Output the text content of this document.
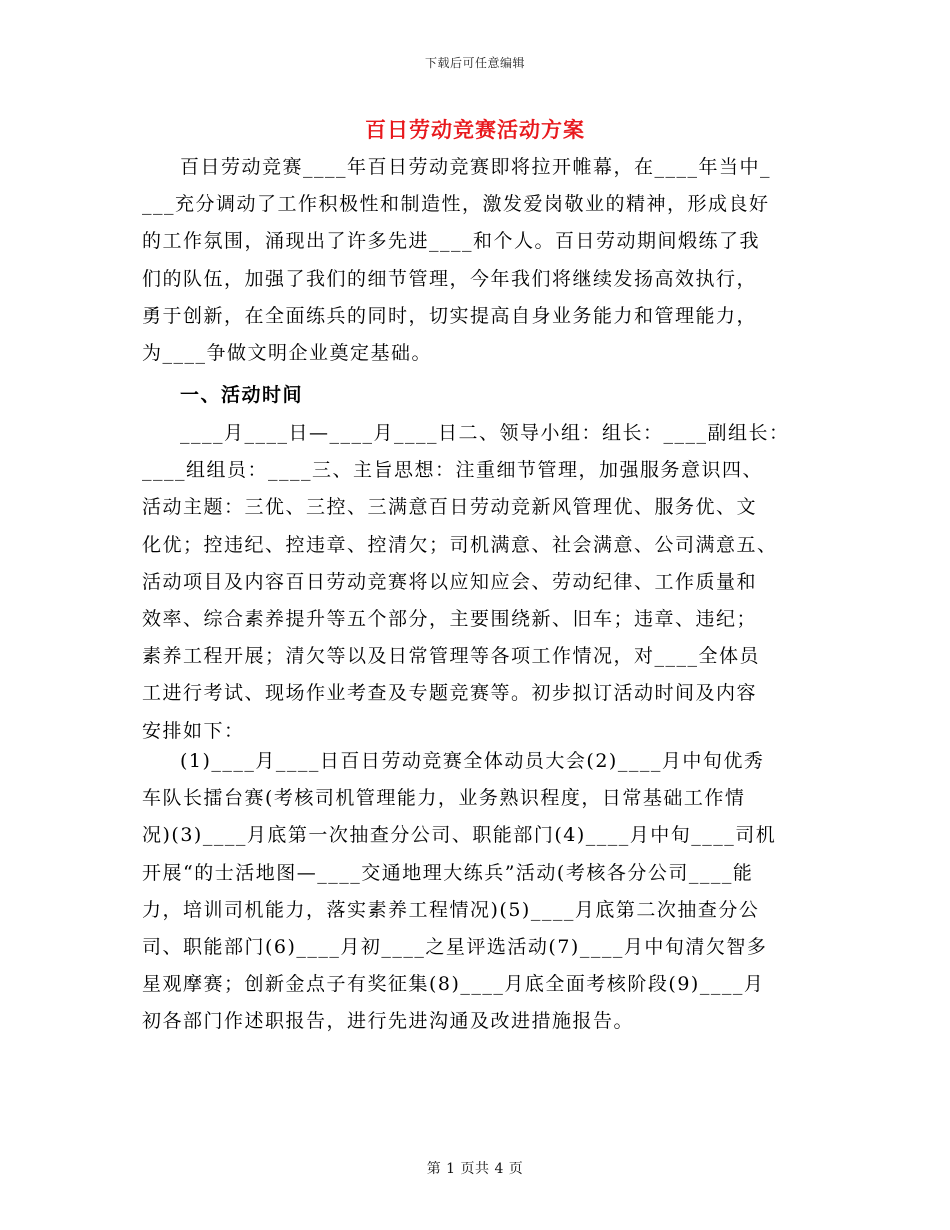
下载后可任意编辑
百日劳动竞赛活动方案
百日劳动竞赛____年百日劳动竞赛即将拉开帷幕，在____年当中_
___充分调动了工作积极性和制造性，激发爱岗敬业的精神，形成良好
的工作氛围，涌现出了许多先进____和个人。百日劳动期间煅练了我
们的队伍，加强了我们的细节管理，今年我们将继续发扬高效执行，
勇于创新，在全面练兵的同时，切实提高自身业务能力和管理能力，
为____争做文明企业奠定基础。
一、活动时间
____月____日—____月____日二、领导小组：组长：____副组长：
____组组员：____三、主旨思想：注重细节管理，加强服务意识四、
活动主题：三优、三控、三满意百日劳动竞新风管理优、服务优、文
化优；控违纪、控违章、控清欠；司机满意、社会满意、公司满意五、
活动项目及内容百日劳动竞赛将以应知应会、劳动纪律、工作质量和
效率、综合素养提升等五个部分，主要围绕新、旧车；违章、违纪；
素养工程开展；清欠等以及日常管理等各项工作情况，对____全体员
工进行考试、现场作业考查及专题竞赛等。初步拟订活动时间及内容
安排如下：
(1)____月____日百日劳动竞赛全体动员大会(2)____月中旬优秀
车队长擂台赛(考核司机管理能力，业务熟识程度，日常基础工作情
况)(3)____月底第一次抽查分公司、职能部门(4)____月中旬____司机
开展“的士活地图—____交通地理大练兵”活动(考核各分公司____能
力，培训司机能力，落实素养工程情况)(5)____月底第二次抽查分公
司、职能部门(6)____月初____之星评选活动(7)____月中旬清欠智多
星观摩赛；创新金点子有奖征集(8)____月底全面考核阶段(9)____月
初各部门作述职报告，进行先进沟通及改进措施报告。
第 1 页共 4 页
